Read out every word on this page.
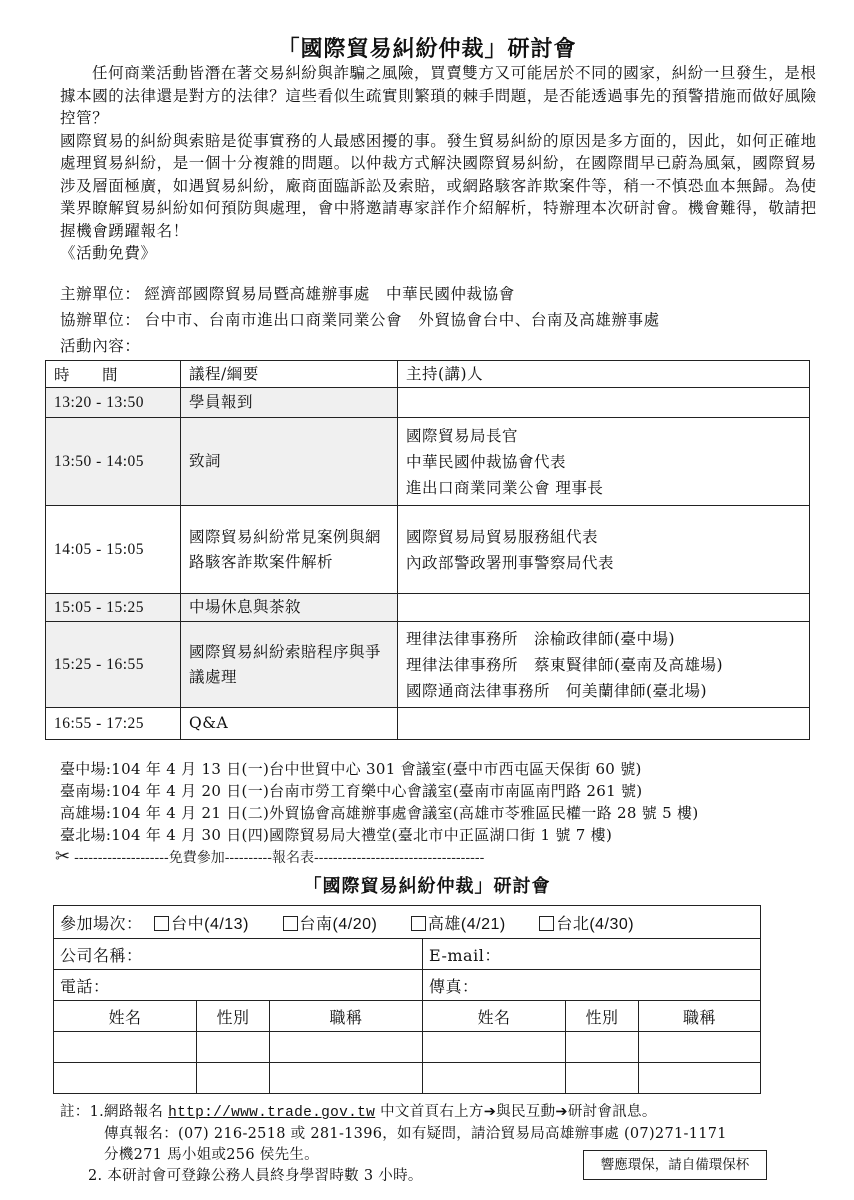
「國際貿易糾紛仲裁」研討會

任何商業活動皆潛在著交易糾紛與詐騙之風險，買賣雙方又可能居於不同的國家，糾紛一旦發生，是根據本國的法律還是對方的法律？這些看似生疏實則繁瑣的棘手問題，是否能透過事先的預警措施而做好風險控管？

國際貿易的糾紛與索賠是從事實務的人最感困擾的事。發生貿易糾紛的原因是多方面的，因此，如何正確地處理貿易糾紛，是一個十分複雜的問題。以仲裁方式解決國際貿易糾紛，在國際間早已蔚為風氣，國際貿易涉及層面極廣，如遇貿易糾紛，廠商面臨訴訟及索賠，或網路駭客詐欺案件等，稍一不慎恐血本無歸。為使業界瞭解貿易糾紛如何預防與處理，會中將邀請專家詳作介紹解析，特辦理本次研討會。機會難得，敬請把握機會踴躍報名！

《活動免費》

主辦單位： 經濟部國際貿易局暨高雄辦事處　中華民國仲裁協會
協辦單位： 台中市、台南市進出口商業同業公會　外貿協會台中、台南及高雄辦事處
活動內容：
時　　間	議程/綱要	主持(講)人
13:20 - 13:50	學員報到	
13:50 - 14:05	致詞	國際貿易局長官
中華民國仲裁協會代表
進出口商業同業公會 理事長

14:05 - 15:05	國際貿易糾紛常見案例與網路駭客詐欺案件解析	國際貿易局貿易服務組代表
內政部警政署刑事警察局代表

15:05 - 15:25	中場休息與茶敘	
15:25 - 16:55	國際貿易糾紛索賠程序與爭議處理	理律法律事務所　涂榆政律師(臺中場)
理律法律事務所　蔡東賢律師(臺南及高雄場)
國際通商法律事務所　何美蘭律師(臺北場)

16:55 - 17:25	Q&A	
臺中場:104 年 4 月 13 日(一)台中世貿中心 301 會議室(臺中市西屯區天保街 60 號)
臺南場:104 年 4 月 20 日(一)台南市勞工育樂中心會議室(臺南市南區南門路 261 號)
高雄場:104 年 4 月 21 日(二)外貿協會高雄辦事處會議室(高雄市苓雅區民權一路 28 號 5 樓)
臺北場:104 年 4 月 30 日(四)國際貿易局大禮堂(臺北市中正區湖口街 1 號 7 樓)
✂ --------------------免費參加----------報名表------------------------------------
「國際貿易糾紛仲裁」研討會
參加場次： 台中(4/13) 台南(4/20) 高雄(4/21) 台北(4/30)					
公司名稱：			E-mail：		
電話：			傳真：		
姓名	性別	職稱	姓名	性別	職稱

註：1.網路報名 http://www.trade.gov.tw 中文首頁右上方➔與民互動➔研討會訊息。
傳真報名：(07) 216-2518 或 281-1396，如有疑問，請洽貿易局高雄辦事處 (07)271-1171
分機271 馬小姐或256 侯先生。
2. 本研討會可登錄公務人員終身學習時數 3 小時。
響應環保，請自備環保杯
